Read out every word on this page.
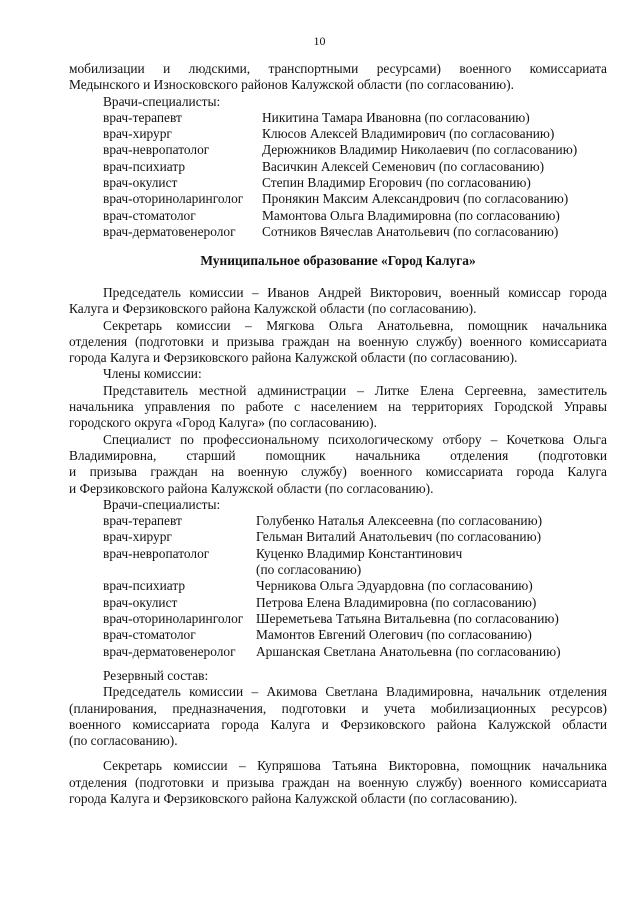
10

мобилизации и людскими, транспортными ресурсами) военного комиссариата

Медынского и Износковского районов Калужской области (по согласованию).

Врачи-специалисты:

врач-терапевт	Никитина Тамара Ивановна (по согласованию)
врач-хирург	Клюсов Алексей Владимирович (по согласованию)
врач-невропатолог	Дерюжников Владимир Николаевич (по согласованию)
врач-психиатр	Васичкин Алексей Семенович (по согласованию)
врач-окулист	Степин Владимир Егорович (по согласованию)
врач-оториноларинголог	Пронякин Максим Александрович (по согласованию)
врач-стоматолог	Мамонтова Ольга Владимировна (по согласованию)
врач-дерматовенеролог	Сотников Вячеслав Анатольевич (по согласованию)

Муниципальное образование «Город Калуга»

Председатель комиссии – Иванов Андрей Викторович, военный комиссар города

Калуга и Ферзиковского района Калужской области (по согласованию).

Секретарь комиссии – Мягкова Ольга Анатольевна, помощник начальника

отделения (подготовки и призыва граждан на военную службу) военного комиссариата

города Калуга и Ферзиковского района Калужской области (по согласованию).

Члены комиссии:

Представитель местной администрации – Литке Елена Сергеевна, заместитель

начальника управления по работе с населением на территориях Городской Управы

городского округа «Город Калуга» (по согласованию).

Специалист по профессиональному психологическому отбору – Кочеткова Ольга

Владимировна, старший помощник начальника отделения (подготовки

и призыва граждан на военную службу) военного комиссариата города Калуга

и Ферзиковского района Калужской области (по согласованию).

Врачи-специалисты:

врач-терапевт	Голубенко Наталья Алексеевна (по согласованию)
врач-хирург	Гельман Виталий Анатольевич (по согласованию)
врач-невропатолог	Куценко Владимир Константинович
(по согласованию)
врач-психиатр	Черникова Ольга Эдуардовна (по согласованию)
врач-окулист	Петрова Елена Владимировна (по согласованию)
врач-оториноларинголог Шереметьева Татьяна Витальевна (по согласованию)
врач-стоматолог	Мамонтов Евгений Олегович (по согласованию)
врач-дерматовенеролог	Аршанская Светлана Анатольевна (по согласованию)

Резервный состав:

Председатель комиссии – Акимова Светлана Владимировна, начальник отделения

(планирования, предназначения, подготовки и учета мобилизационных ресурсов)

военного комиссариата города Калуга и Ферзиковского района Калужской области

(по согласованию).

Секретарь комиссии – Купряшова Татьяна Викторовна, помощник начальника

отделения (подготовки и призыва граждан на военную службу) военного комиссариата

города Калуга и Ферзиковского района Калужской области (по согласованию).
